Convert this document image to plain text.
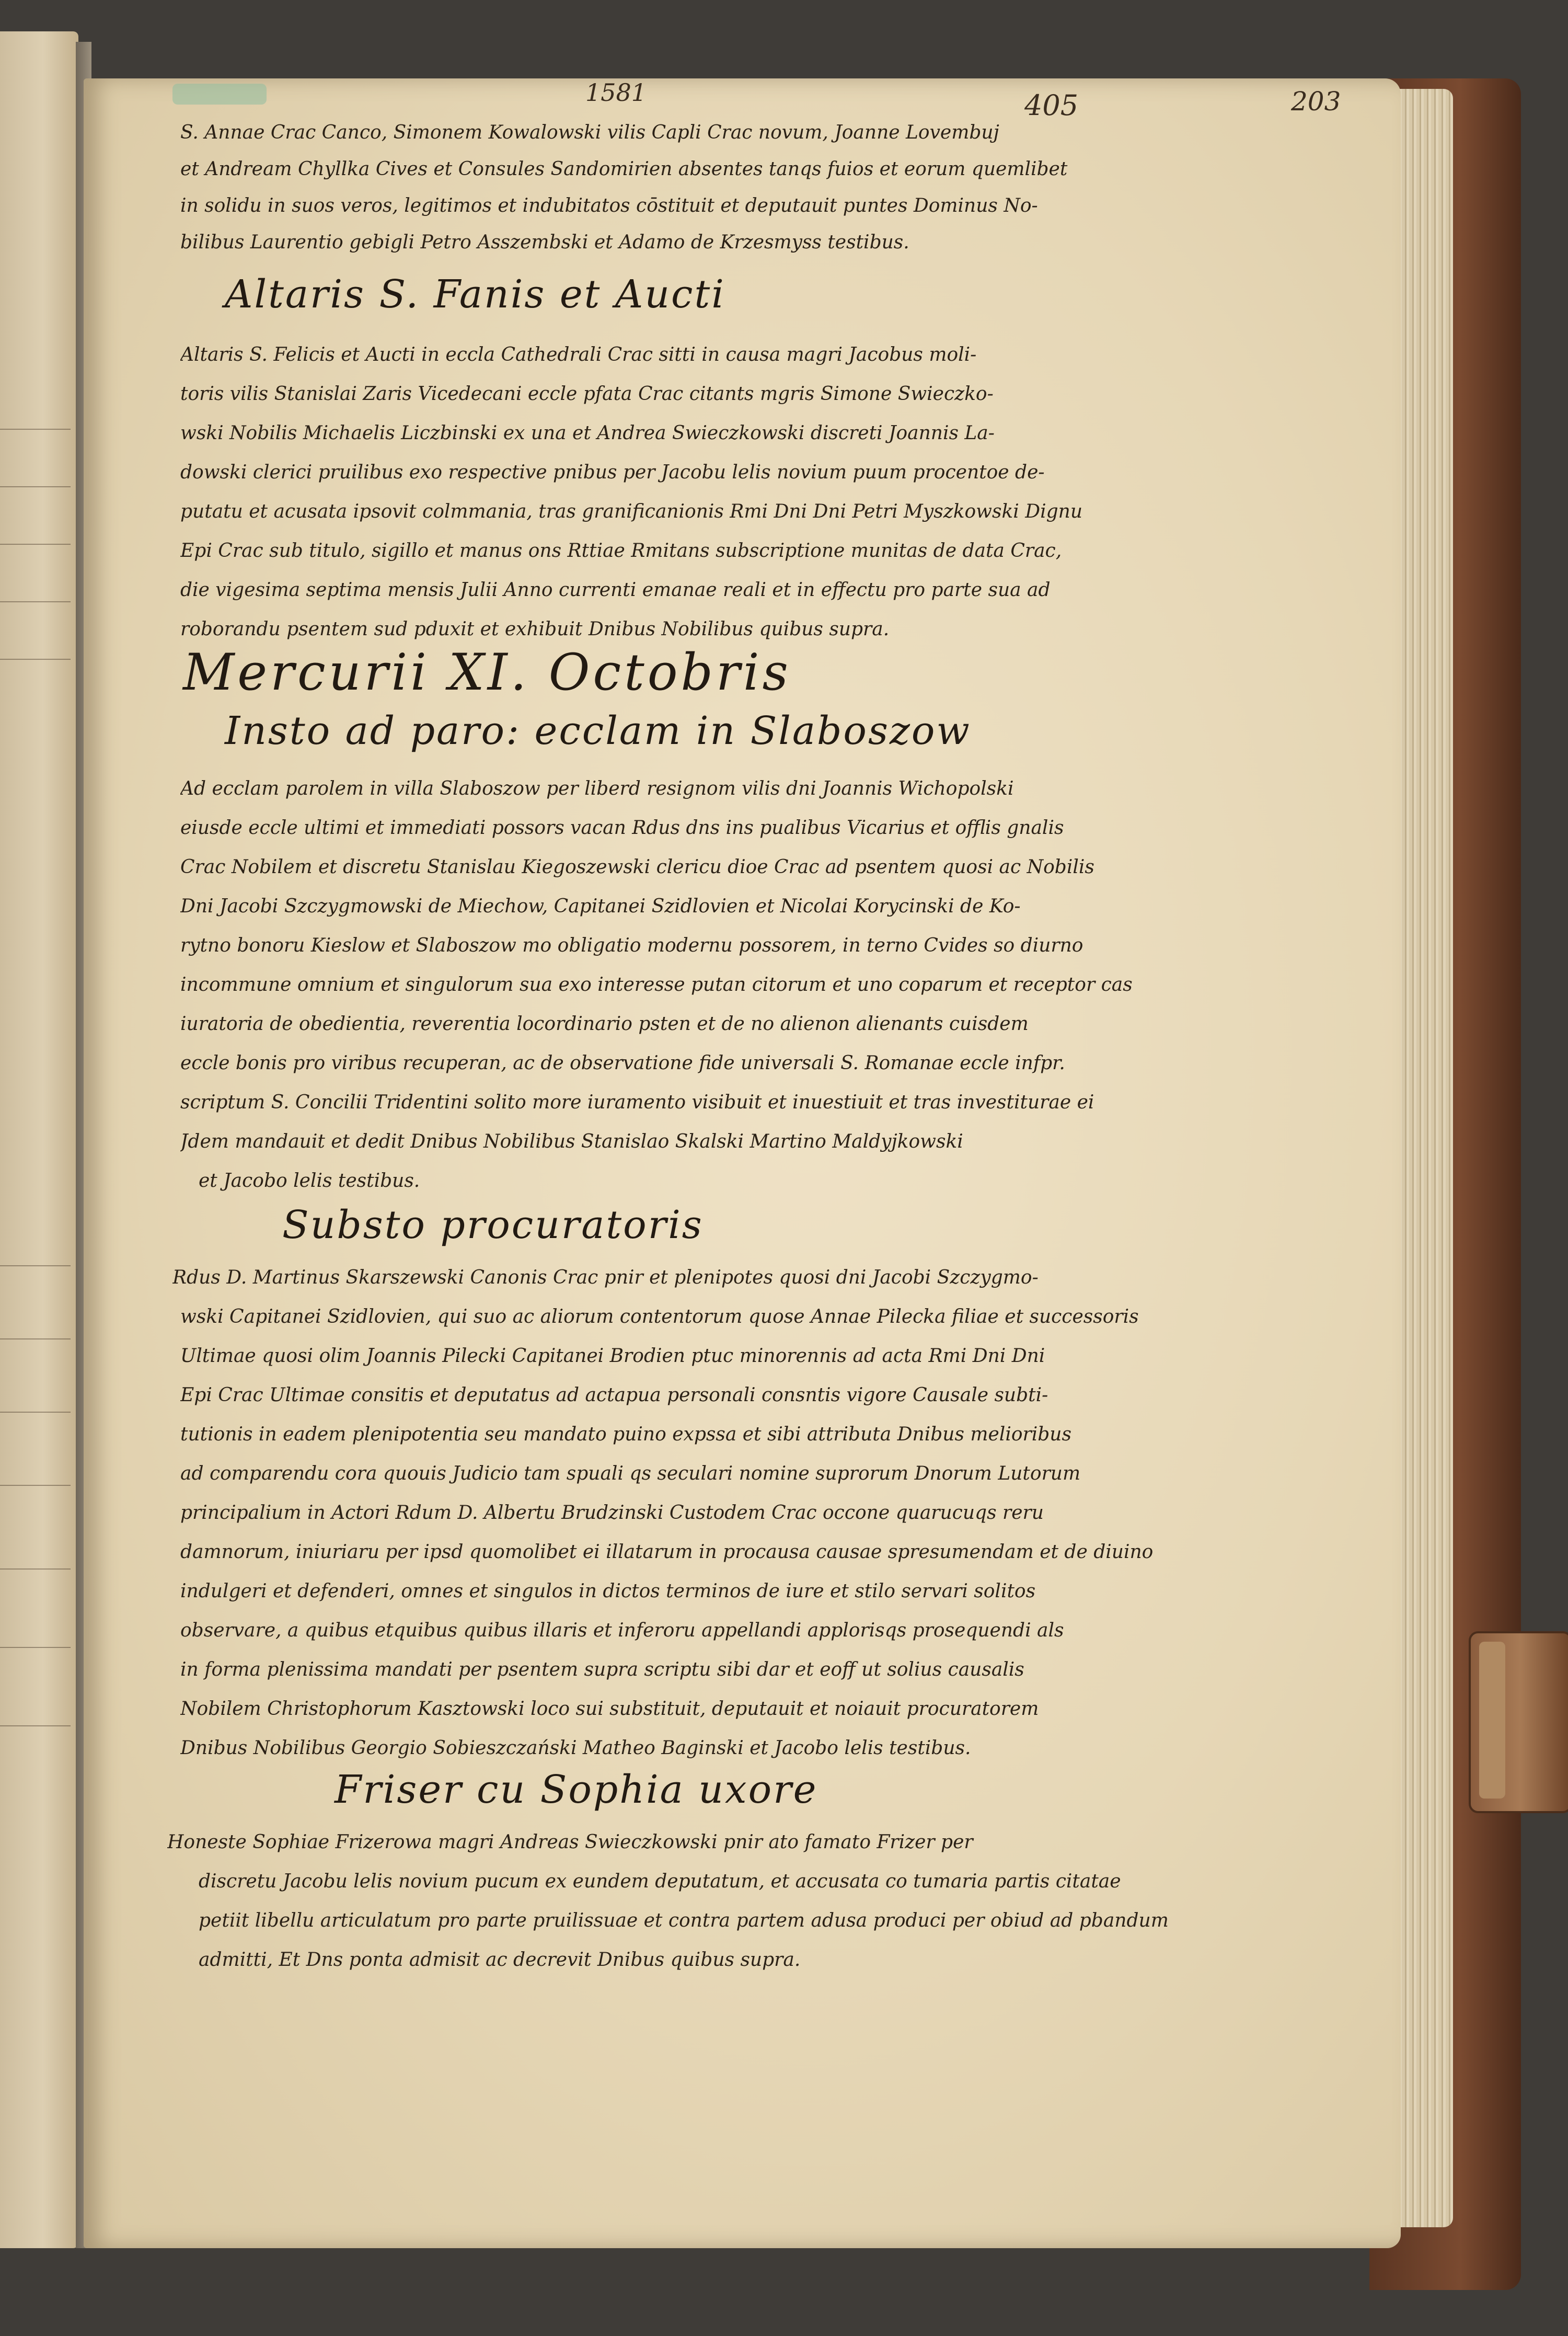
1581	405	203
S. Annae Crac Canco, Simonem Kowalowski vilis Capli Crac novum, Joanne Lovembuj
et Andream Chyllka Cives et Consules Sandomirien absentes tanqs fuios et eorum quemlibet
in solidu in suos veros, legitimos et indubitatos cōstituit et deputauit puntes Dominus No-
bilibus Laurentio gebigli Petro Asszembski et Adamo de Krzesmyss testibus.
Altaris S. Fanis et Aucti
Altaris S. Felicis et Aucti in eccla Cathedrali Crac sitti in causa magri Jacobus moli-
toris vilis Stanislai Zaris Vicedecani eccle pfata Crac citants mgris Simone Swieczko-
wski Nobilis Michaelis Liczbinski ex una et Andrea Swieczkowski discreti Joannis La-
dowski clerici pruilibus exo respective pnibus per Jacobu lelis novium puum procentoe de-
putatu et acusata ipsovit colmmania, tras granificanionis Rmi Dni Dni Petri Myszkowski Dignu
Epi Crac sub titulo, sigillo et manus ons Rttiae Rmitans subscriptione munitas de data Crac,
die vigesima septima mensis Julii Anno currenti emanae reali et in effectu pro parte sua ad
roborandu psentem sud pduxit et exhibuit Dnibus Nobilibus quibus supra.
Mercurii XI. Octobris
Insto ad paro: ecclam in Slaboszow
Ad ecclam parolem in villa Slaboszow per liberd resignom vilis dni Joannis Wichopolski
eiusde eccle ultimi et immediati possors vacan Rdus dns ins pualibus Vicarius et offlis gnalis
Crac Nobilem et discretu Stanislau Kiegoszewski clericu dioe Crac ad psentem quosi ac Nobilis
Dni Jacobi Szczygmowski de Miechow, Capitanei Szidlovien et Nicolai Korycinski de Ko-
rytno bonoru Kieslow et Slaboszow mo obligatio modernu possorem, in terno Cvides so diurno
incommune omnium et singulorum sua exo interesse putan citorum et uno coparum et receptor cas
iuratoria de obedientia, reverentia locordinario psten et de no alienon alienants cuisdem
eccle bonis pro viribus recuperan, ac de observatione fide universali S. Romanae eccle infpr.
scriptum S. Concilii Tridentini solito more iuramento visibuit et inuestiuit et tras investiturae ei
Jdem mandauit et dedit Dnibus Nobilibus Stanislao Skalski Martino Maldyjkowski
et Jacobo lelis testibus.
Substo procuratoris
Rdus D. Martinus Skarszewski Canonis Crac pnir et plenipotes quosi dni Jacobi Szczygmo-
wski Capitanei Szidlovien, qui suo ac aliorum contentorum quose Annae Pilecka filiae et successoris
Ultimae quosi olim Joannis Pilecki Capitanei Brodien ptuc minorennis ad acta Rmi Dni Dni
Epi Crac Ultimae consitis et deputatus ad actapua personali consntis vigore Causale subti-
tutionis in eadem plenipotentia seu mandato puino expssa et sibi attributa Dnibus melioribus
ad comparendu cora quouis Judicio tam spuali qs seculari nomine suprorum Dnorum Lutorum
principalium in Actori Rdum D. Albertu Brudzinski Custodem Crac occone quarucuqs reru
damnorum, iniuriaru per ipsd quomolibet ei illatarum in procausa causae spresumendam et de diuino
indulgeri et defenderi, omnes et singulos in dictos terminos de iure et stilo servari solitos
observare, a quibus etquibus quibus illaris et inferoru appellandi applorisqs prosequendi als
in forma plenissima mandati per psentem supra scriptu sibi dar et eoff ut solius causalis
Nobilem Christophorum Kasztowski loco sui substituit, deputauit et noiauit procuratorem
Dnibus Nobilibus Georgio Sobieszczański Matheo Baginski et Jacobo lelis testibus.
Friser cu Sophia uxore
Honeste Sophiae Frizerowa magri Andreas Swieczkowski pnir ato famato Frizer per
discretu Jacobu lelis novium pucum ex eundem deputatum, et accusata co tumaria partis citatae
petiit libellu articulatum pro parte pruilissuae et contra partem adusa produci per obiud ad pbandum
admitti, Et Dns ponta admisit ac decrevit Dnibus quibus supra.
